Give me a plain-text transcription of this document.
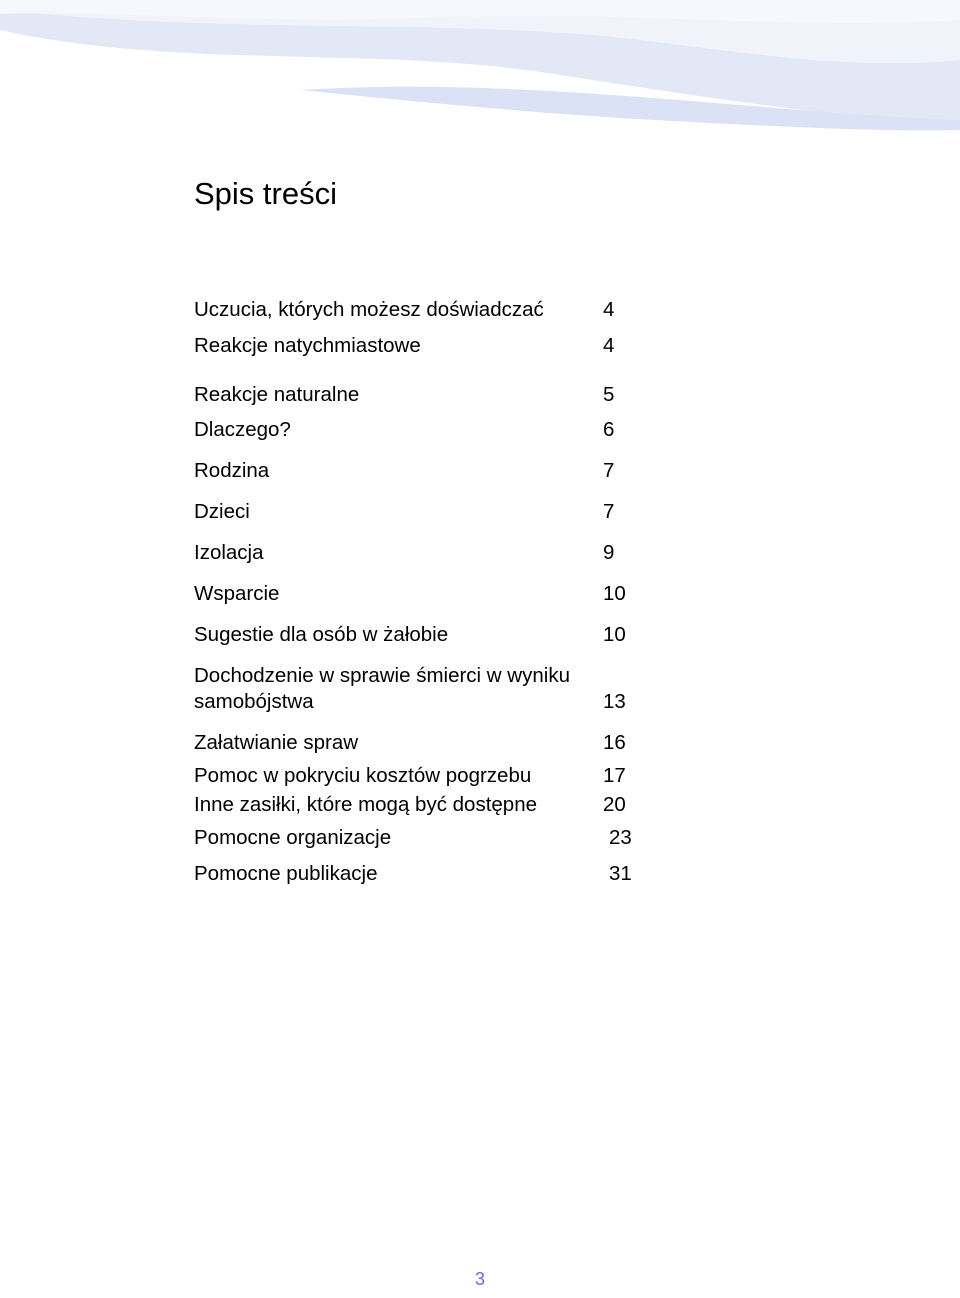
Spis treści
Uczucia, których możesz doświadczać	4
Reakcje natychmiastowe	4
Reakcje naturalne	5
Dlaczego?	6
Rodzina	7
Dzieci	7
Izolacja	9
Wsparcie	10
Sugestie dla osób w żałobie	10
Dochodzenie w sprawie śmierci w wyniku
samobójstwa	13
Załatwianie spraw	16
Pomoc w pokryciu kosztów pogrzebu	17
Inne zasiłki, które mogą być dostępne	20
Pomocne organizacje	23
Pomocne publikacje	31
3
